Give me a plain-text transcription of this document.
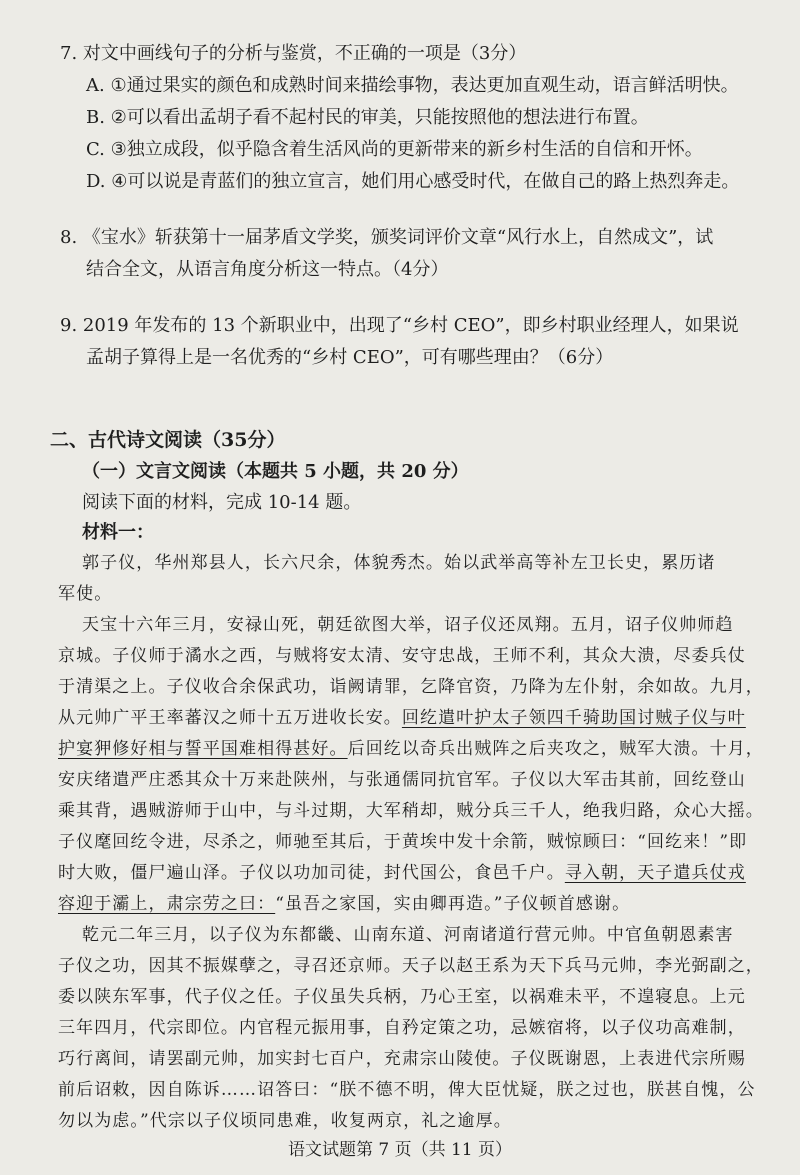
7. 对文中画线句子的分析与鉴赏，不正确的一项是（3分）
A. ①通过果实的颜色和成熟时间来描绘事物，表达更加直观生动，语言鲜活明快。
B. ②可以看出孟胡子看不起村民的审美，只能按照他的想法进行布置。
C. ③独立成段，似乎隐含着生活风尚的更新带来的新乡村生活的自信和开怀。
D. ④可以说是青蓝们的独立宣言，她们用心感受时代，在做自己的路上热烈奔走。
8. 《宝水》斩获第十一届茅盾文学奖，颁奖词评价文章“风行水上，自然成文”，试
结合全文，从语言角度分析这一特点。（4分）
9. 2019 年发布的 13 个新职业中，出现了“乡村 CEO”，即乡村职业经理人，如果说
孟胡子算得上是一名优秀的“乡村 CEO”，可有哪些理由？（6分）
二、古代诗文阅读（35分）
（一）文言文阅读（本题共 5 小题，共 20 分）
阅读下面的材料，完成 10-14 题。
材料一：
郭子仪，华州郑县人，长六尺余，体貌秀杰。始以武举高等补左卫长史，累历诸
军使。
天宝十六年三月，安禄山死，朝廷欲图大举，诏子仪还凤翔。五月，诏子仪帅师趋
京城。子仪师于潏水之西，与贼将安太清、安守忠战，王师不利，其众大溃，尽委兵仗
于清渠之上。子仪收合余保武功，诣阙请罪，乞降官资，乃降为左仆射，余如故。九月，
从元帅广平王率蕃汉之师十五万进收长安。回纥遣叶护太子领四千骑助国讨贼子仪与叶
护宴狎修好相与誓平国难相得甚好。后回纥以奇兵出贼阵之后夹攻之，贼军大溃。十月，
安庆绪遣严庄悉其众十万来赴陕州，与张通儒同抗官军。子仪以大军击其前，回纥登山
乘其背，遇贼游师于山中，与斗过期，大军稍却，贼分兵三千人，绝我归路，众心大摇。
子仪麾回纥令进，尽杀之，师驰至其后，于黄埃中发十余箭，贼惊顾曰：“回纥来！”即
时大败，僵尸遍山泽。子仪以功加司徒，封代国公，食邑千户。寻入朝，天子遣兵仗戎
容迎于灞上，肃宗劳之曰：“虽吾之家国，实由卿再造。”子仪顿首感谢。
乾元二年三月，以子仪为东都畿、山南东道、河南诸道行营元帅。中官鱼朝恩素害
子仪之功，因其不振媒孽之，寻召还京师。天子以赵王系为天下兵马元帅，李光弼副之，
委以陕东军事，代子仪之任。子仪虽失兵柄，乃心王室，以祸难未平，不遑寝息。上元
三年四月，代宗即位。内官程元振用事，自矜定策之功，忌嫉宿将，以子仪功高难制，
巧行离间，请罢副元帅，加实封七百户，充肃宗山陵使。子仪既谢恩，上表进代宗所赐
前后诏敕，因自陈诉……诏答曰：“朕不德不明，俾大臣忧疑，朕之过也，朕甚自愧，公
勿以为虑。”代宗以子仪顷同患难，收复两京，礼之逾厚。
语文试题第 7 页（共 11 页）
